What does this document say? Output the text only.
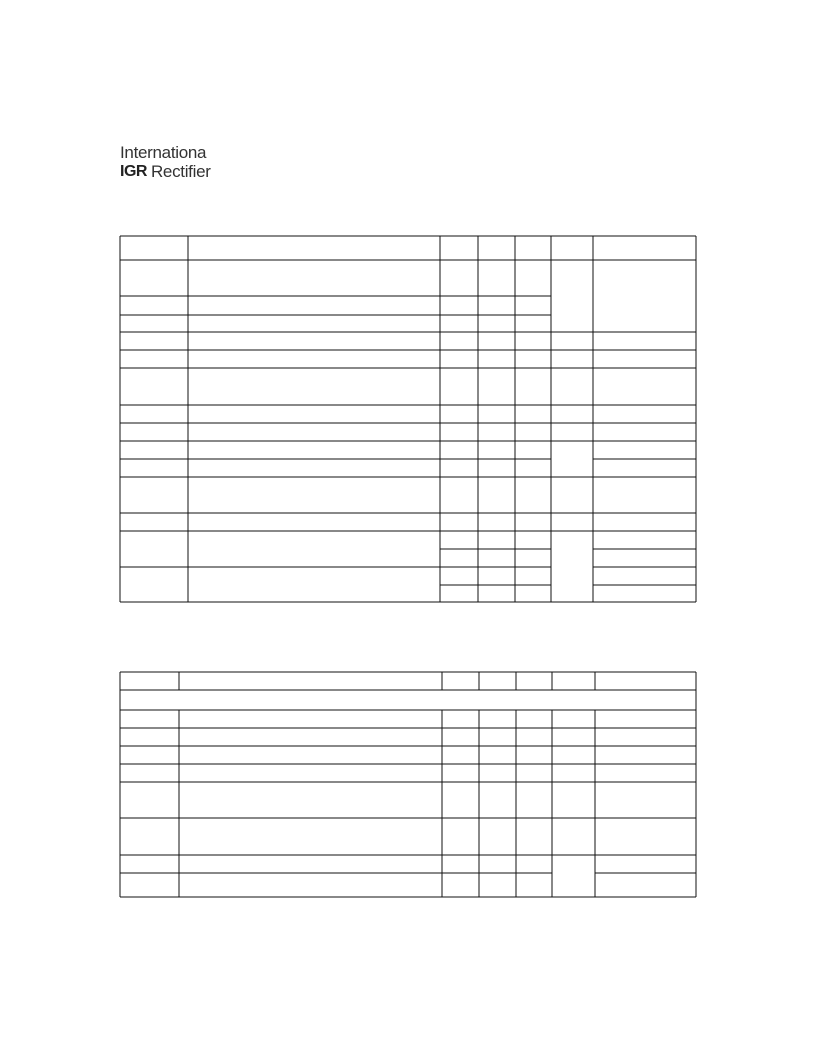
Internationa
IGR Rectifier
